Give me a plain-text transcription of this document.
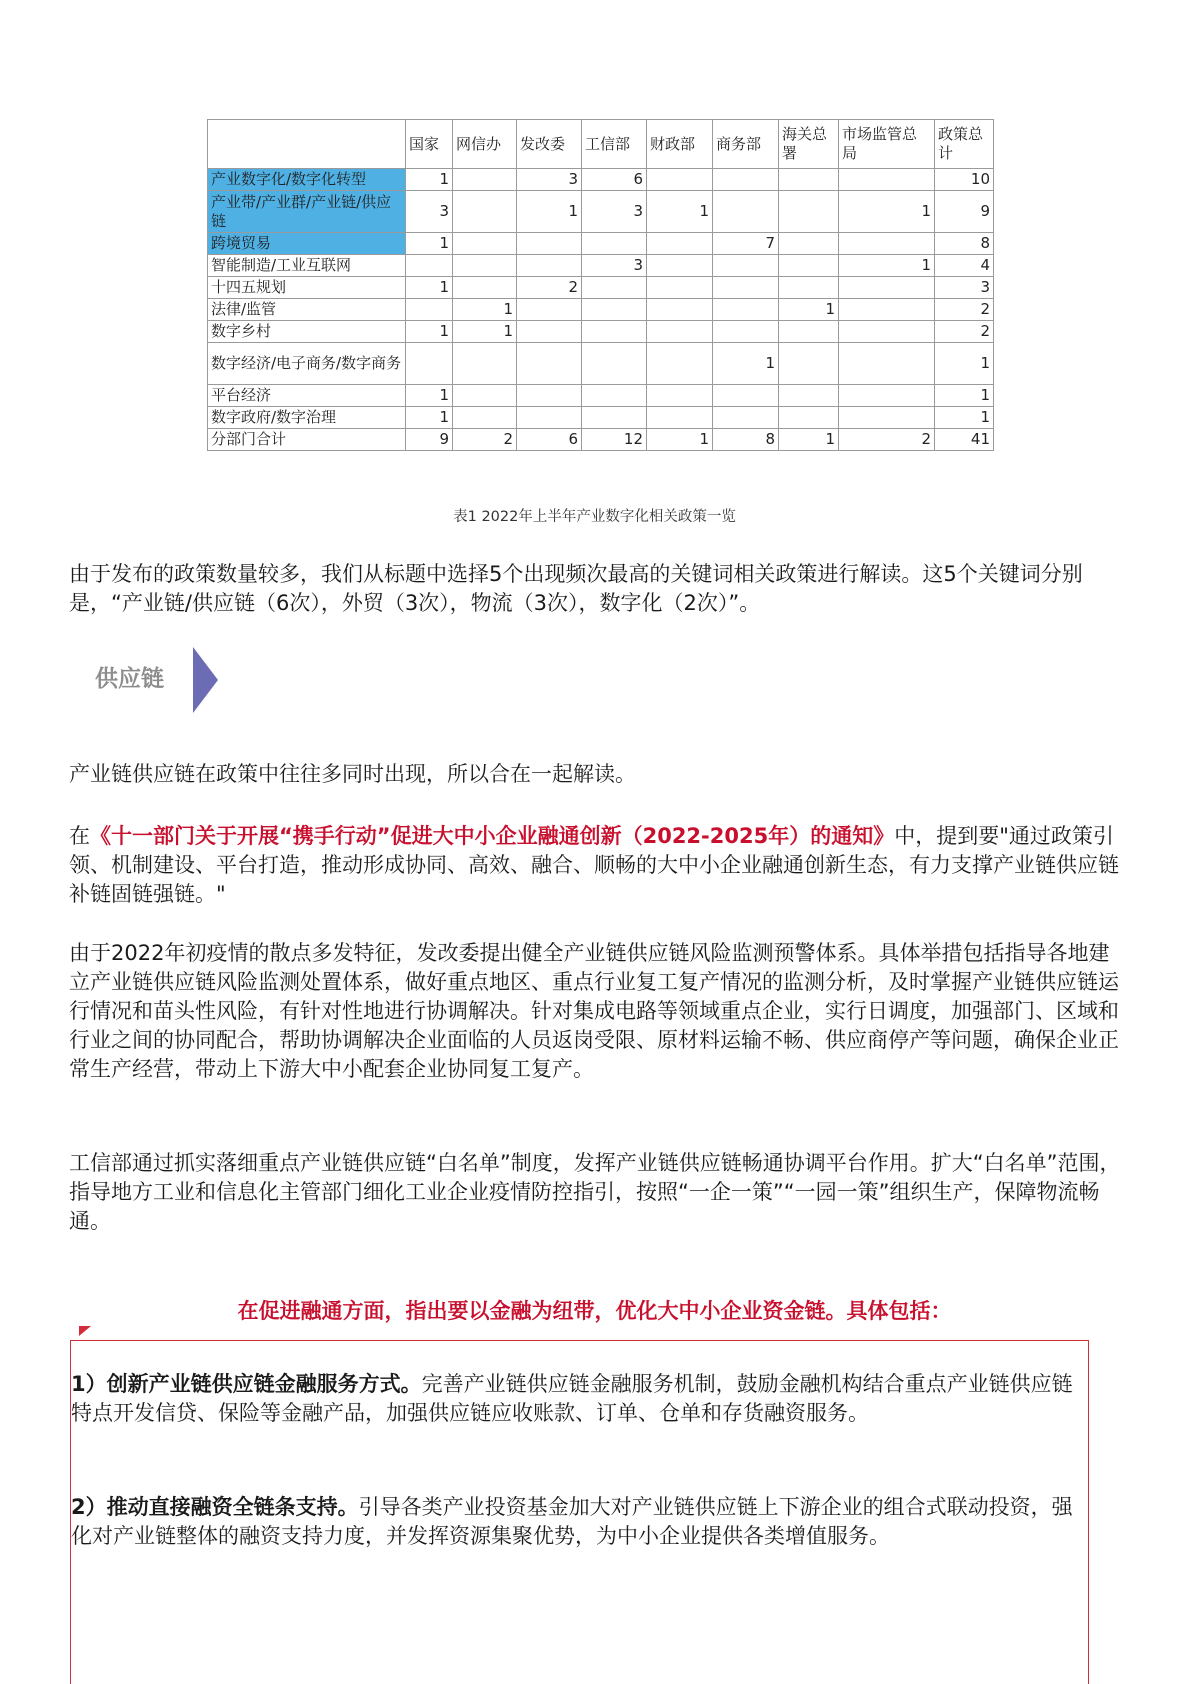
	国家	网信办	发改委	工信部	财政部	商务部	海关总署	市场监管总局	政策总计
产业数字化/数字化转型	1		3	6					10
产业带/产业群/产业链/供应链	3		1	3	1			1	9
跨境贸易	1					7			8
智能制造/工业互联网				3				1	4
十四五规划	1		2						3
法律/监管		1					1		2
数字乡村	1	1							2
数字经济/电子商务/数字商务						1			1
平台经济	1								1
数字政府/数字治理	1								1
分部门合计	9	2	6	12	1	8	1	2	41
表1 2022年上半年产业数字化相关政策一览

由于发布的政策数量较多，我们从标题中选择5个出现频次最高的关键词相关政策进行解读。这5个关键词分别是，“产业链/供应链（6次），外贸（3次），物流（3次），数字化（2次）”。

供应链

产业链供应链在政策中往往多同时出现，所以合在一起解读。

在《十一部门关于开展“携手行动”促进大中小企业融通创新（2022-2025年）的通知》中，提到要"通过政策引领、机制建设、平台打造，推动形成协同、高效、融合、顺畅的大中小企业融通创新生态，有力支撑产业链供应链补链固链强链。"

由于2022年初疫情的散点多发特征，发改委提出健全产业链供应链风险监测预警体系。具体举措包括指导各地建立产业链供应链风险监测处置体系，做好重点地区、重点行业复工复产情况的监测分析，及时掌握产业链供应链运行情况和苗头性风险，有针对性地进行协调解决。针对集成电路等领域重点企业，实行日调度，加强部门、区域和行业之间的协同配合，帮助协调解决企业面临的人员返岗受限、原材料运输不畅、供应商停产等问题，确保企业正常生产经营，带动上下游大中小配套企业协同复工复产。

工信部通过抓实落细重点产业链供应链“白名单”制度，发挥产业链供应链畅通协调平台作用。扩大“白名单”范围，指导地方工业和信息化主管部门细化工业企业疫情防控指引，按照“一企一策”“一园一策”组织生产，保障物流畅通。

在促进融通方面，指出要以金融为纽带，优化大中小企业资金链。具体包括：

1）创新产业链供应链金融服务方式。完善产业链供应链金融服务机制，鼓励金融机构结合重点产业链供应链特点开发信贷、保险等金融产品，加强供应链应收账款、订单、仓单和存货融资服务。

2）推动直接融资全链条支持。引导各类产业投资基金加大对产业链供应链上下游企业的组合式联动投资，强化对产业链整体的融资支持力度，并发挥资源集聚优势，为中小企业提供各类增值服务。
